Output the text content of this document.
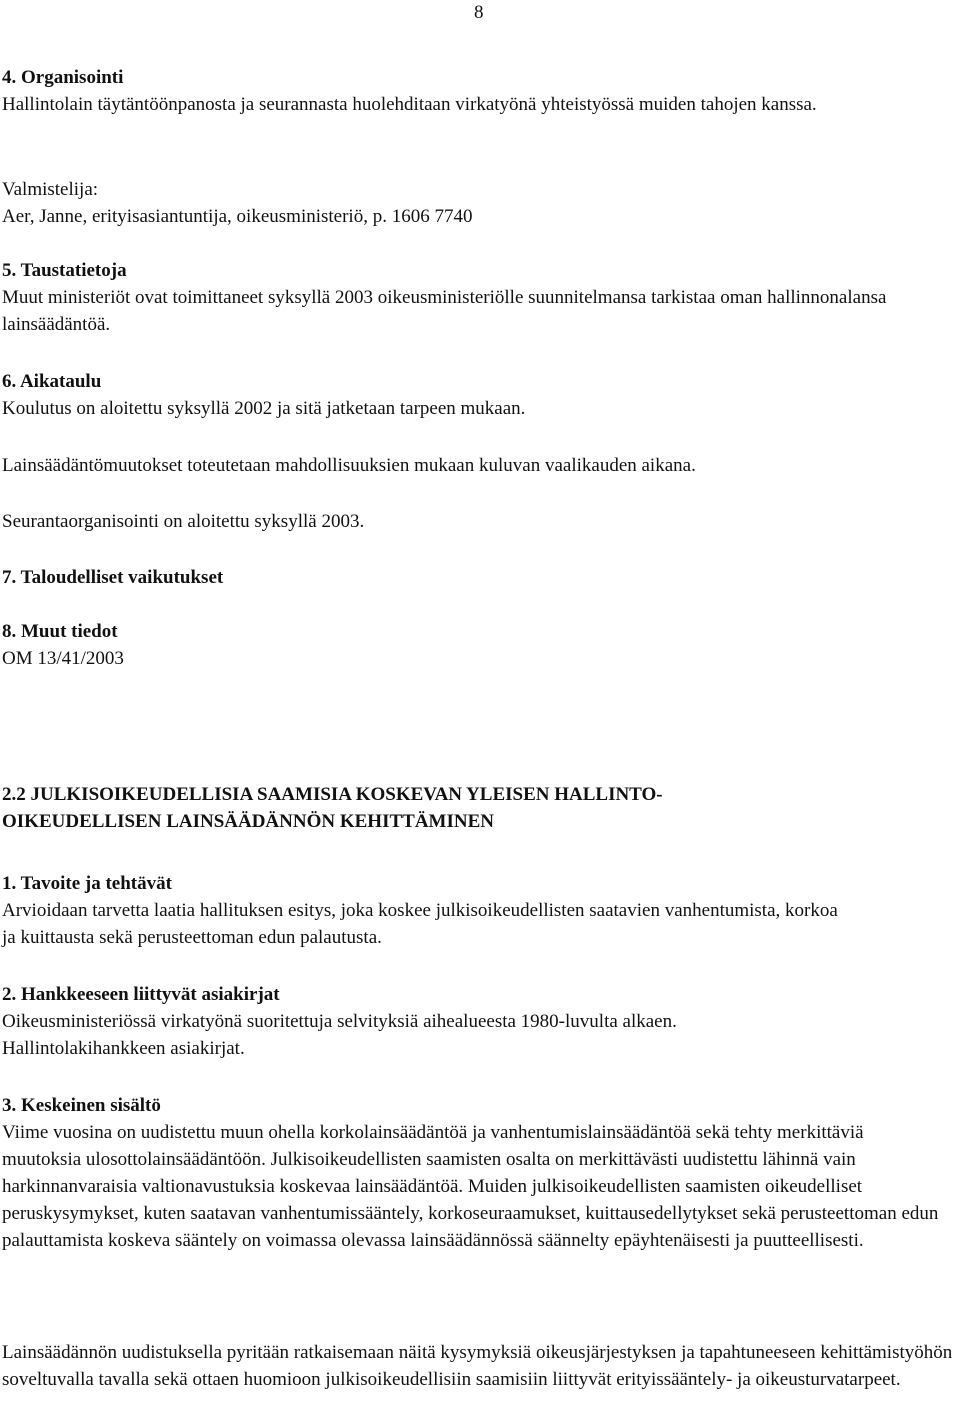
8
4. Organisointi
Hallintolain täytäntöönpanosta ja seurannasta huolehditaan virkatyönä yhteistyössä muiden tahojen kanssa.
Valmistelija:
Aer, Janne, erityisasiantuntija, oikeusministeriö, p. 1606 7740
5. Taustatietoja
Muut ministeriöt ovat toimittaneet syksyllä 2003 oikeusministeriölle suunnitelmansa tarkistaa oman hallinnonalansa lainsäädäntöä.
6. Aikataulu
Koulutus on aloitettu syksyllä 2002 ja sitä jatketaan tarpeen mukaan.
Lainsäädäntömuutokset toteutetaan mahdollisuuksien mukaan kuluvan vaalikauden aikana.
Seurantaorganisointi on aloitettu syksyllä 2003.
7. Taloudelliset vaikutukset
8. Muut tiedot
OM 13/41/2003
2.2 JULKISOIKEUDELLISIA SAAMISIA KOSKEVAN YLEISEN HALLINTO-
OIKEUDELLISEN LAINSÄÄDÄNNÖN KEHITTÄMINEN
1. Tavoite ja tehtävät
Arvioidaan tarvetta laatia hallituksen esitys, joka koskee julkisoikeudellisten saatavien vanhentumista, korkoa ja kuittausta sekä perusteettoman edun palautusta.
2. Hankkeeseen liittyvät asiakirjat
Oikeusministeriössä virkatyönä suoritettuja selvityksiä aihealueesta 1980-luvulta alkaen.
Hallintolakihankkeen asiakirjat.
3. Keskeinen sisältö
Viime vuosina on uudistettu muun ohella korkolainsäädäntöä ja vanhentumislainsäädäntöä sekä tehty merkittäviä muutoksia ulosottolainsäädäntöön. Julkisoikeudellisten saamisten osalta on merkittävästi uudistettu lähinnä vain harkinnanvaraisia valtionavustuksia koskevaa lainsäädäntöä. Muiden julkisoikeudellisten saamisten oikeudelliset peruskysymykset, kuten saatavan vanhentumissääntely, korkoseuraamukset, kuittausedellytykset sekä perusteettoman edun palauttamista koskeva sääntely on voimassa olevassa lainsäädännössä säännelty epäyhtenäisesti ja puutteellisesti.
Lainsäädännön uudistuksella pyritään ratkaisemaan näitä kysymyksiä oikeusjärjestyksen ja tapahtuneeseen kehittämistyöhön soveltuvalla tavalla sekä ottaen huomioon julkisoikeudellisiin saamisiin liittyvät erityissääntely- ja oikeusturvatarpeet.
